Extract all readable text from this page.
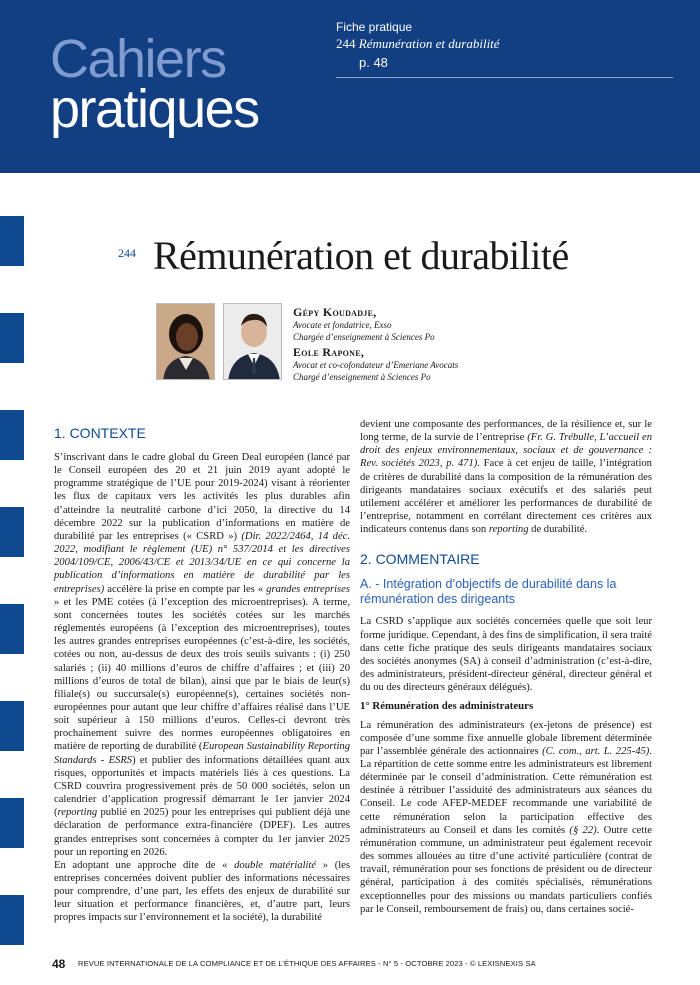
Cahiers
pratiques
Fiche pratique
244 Rémunération et durabilité
p. 48
244 Rémunération et durabilité
Gépy Koudadje,
Avocate et fondatrice, Exso
Chargée d’enseignement à Sciences Po
Eole Rapone,
Avocat et co-cofondateur d’Emeriane Avocats
Chargé d’enseignement à Sciences Po
1. CONTEXTE

S’inscrivant dans le cadre global du Green Deal européen (lancé par le Conseil européen des 20 et 21 juin 2019 ayant adopté le programme stratégique de l’UE pour 2019-2024) visant à réorienter les flux de capitaux vers les activités les plus durables afin d’atteindre la neutralité carbone d’ici 2050, la directive du 14 décembre 2022 sur la publication d’informations en matière de durabilité par les entreprises (« CSRD ») (Dir. 2022/2464, 14 déc. 2022, modifiant le règlement (UE) n° 537/2014 et les directives 2004/109/CE, 2006/43/CE et 2013/34/UE en ce qui concerne la publication d’informations en matière de durabilité par les entreprises) accélère la prise en compte par les « grandes entreprises » et les PME cotées (à l’exception des microentreprises). A terme, sont concernées toutes les sociétés cotées sur les marchés réglementés européens (à l’exception des microentreprises), toutes les autres grandes entreprises européennes (c’est-à-dire, les sociétés, cotées ou non, au-dessus de deux des trois seuils suivants : (i) 250 salariés ; (ii) 40 millions d’euros de chiffre d’affaires ; et (iii) 20 millions d’euros de total de bilan), ainsi que par le biais de leur(s) filiale(s) ou succursale(s) européenne(s), certaines sociétés non-européennes pour autant que leur chiffre d’affaires réalisé dans l’UE soit supérieur à 150 millions d’euros. Celles-ci devront très prochainement suivre des normes européennes obligatoires en matière de reporting de durabilité (European Sustainability Reporting Standards - ESRS) et publier des informations détaillées quant aux risques, opportunités et impacts matériels liés à ces questions. La CSRD couvrira progressivement près de 50 000 sociétés, selon un calendrier d’application progressif démarrant le 1er janvier 2024 (reporting publié en 2025) pour les entreprises qui publient déjà une déclaration de performance extra-financière (DPEF). Les autres grandes entreprises sont concernées à compter du 1er janvier 2025 pour un reporting en 2026.

En adoptant une approche dite de « double matérialité » (les entreprises concernées doivent publier des informations nécessaires pour comprendre, d’une part, les effets des enjeux de durabilité sur leur situation et performance financières, et, d’autre part, leurs propres impacts sur l’environnement et la société), la durabilité

devient une composante des performances, de la résilience et, sur le long terme, de la survie de l’entreprise (Fr. G. Trébulle, L’accueil en droit des enjeux environnementaux, sociaux et de gouvernance : Rev. sociétés 2023, p. 471). Face à cet enjeu de taille, l’intégration de critères de durabilité dans la composition de la rémunération des dirigeants mandataires sociaux exécutifs et des salariés peut utilement accélérer et améliorer les performances de durabilité de l’entreprise, notamment en corrélant directement ces critères aux indicateurs contenus dans son reporting de durabilité.

2. COMMENTAIRE
A. - Intégration d’objectifs de durabilité dans la rémunération des dirigeants

La CSRD s’applique aux sociétés concernées quelle que soit leur forme juridique. Cependant, à des fins de simplification, il sera traité dans cette fiche pratique des seuls dirigeants mandataires sociaux des sociétés anonymes (SA) à conseil d’administration (c’est-à-dire, des administrateurs, président-directeur général, directeur général et du ou des directeurs généraux délégués).

1° Rémunération des administrateurs

La rémunération des administrateurs (ex-jetons de présence) est composée d’une somme fixe annuelle globale librement déterminée par l’assemblée générale des actionnaires (C. com., art. L. 225-45). La répartition de cette somme entre les administrateurs est librement déterminée par le conseil d’administration. Cette rémunération est destinée à rétribuer l’assiduité des administrateurs aux séances du Conseil. Le code AFEP-MEDEF recommande une variabilité de cette rémunération selon la participation effective des administrateurs au Conseil et dans les comités (§ 22). Outre cette rémunération commune, un administrateur peut également recevoir des sommes allouées au titre d’une activité particulière (contrat de travail, rémunération pour ses fonctions de président ou de directeur général, participation à des comités spécialisés, rémunérations exceptionnelles pour des missions ou mandats particuliers confiés par le Conseil, remboursement de frais) ou, dans certaines socié-

48 REVUE INTERNATIONALE DE LA COMPLIANCE ET DE L’ÉTHIQUE DES AFFAIRES - N° 5 - OCTOBRE 2023 - © LEXISNEXIS SA
